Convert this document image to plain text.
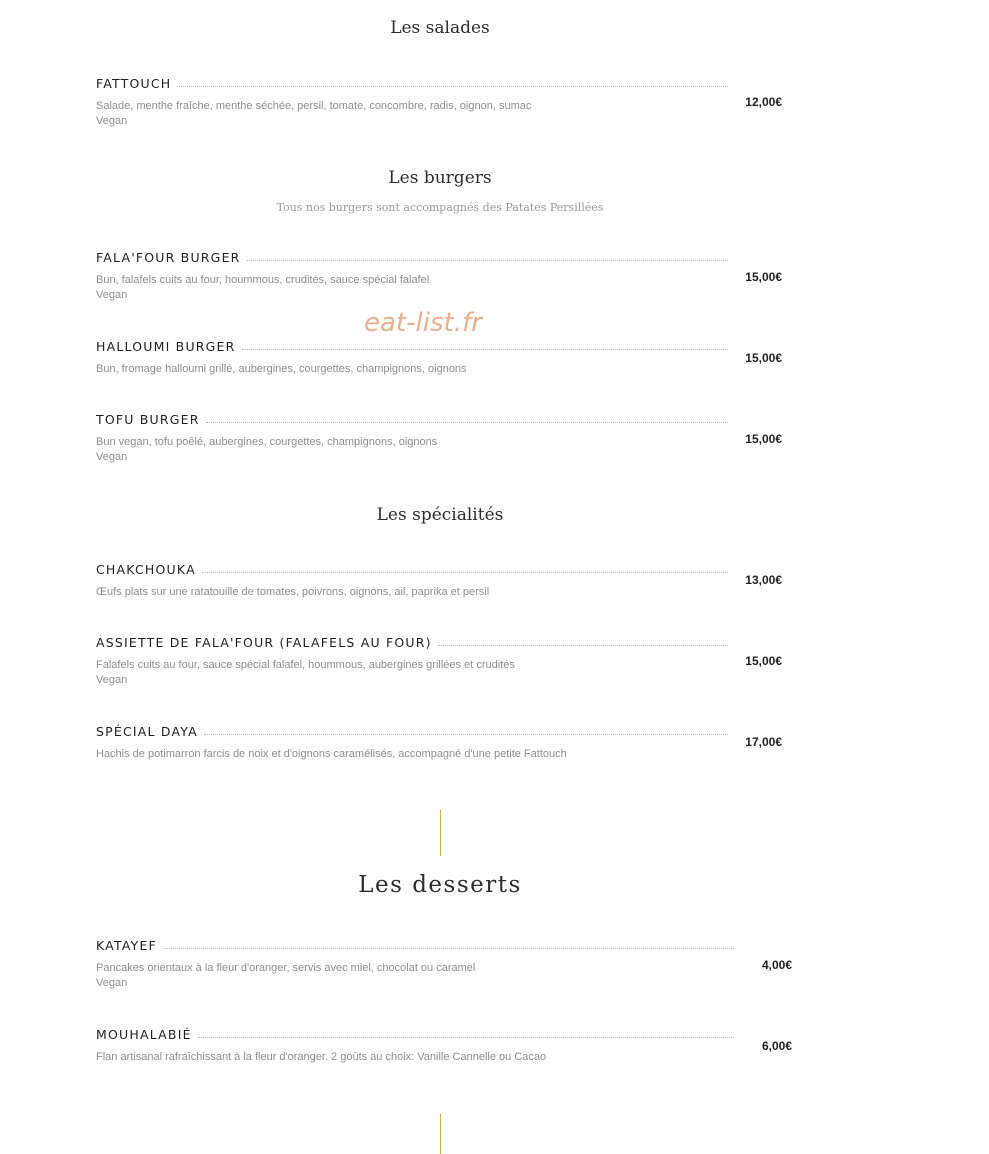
Les salades
FATTOUCH
Salade, menthe fraîche, menthe séchée, persil, tomate, concombre, radis, oignon, sumac
Vegan
12,00€
Les burgers

Tous nos burgers sont accompagnés des Patates Persillées

FALA'FOUR BURGER
Bun, falafels cuits au four, hoummous, crudités, sauce spécial falafel
Vegan
15,00€
HALLOUMI BURGER
Bun, fromage halloumi grillé, aubergines, courgettes, champignons, oignons
15,00€
TOFU BURGER
Bun vegan, tofu poêlé, aubergines, courgettes, champignons, oignons
Vegan
15,00€
eat-list.fr
Les spécialités
CHAKCHOUKA
Œufs plats sur une ratatouille de tomates, poivrons, oignons, ail, paprika et persil
13,00€
ASSIETTE DE FALA'FOUR (FALAFELS AU FOUR)
Falafels cuits au four, sauce spécial falafel, hoummous, aubergines grillées et crudités
Vegan
15,00€
SPÉCIAL DAYA
Hachis de potimarron farcis de noix et d'oignons caramélisés, accompagné d'une petite Fattouch
17,00€
Les desserts
KATAYEF
Pancakes orientaux à la fleur d'oranger, servis avec miel, chocolat ou caramel
Vegan
4,00€
MOUHALABIÉ
Flan artisanal rafraîchissant à la fleur d'oranger. 2 goûts au choix: Vanille Cannelle ou Cacao
6,00€
